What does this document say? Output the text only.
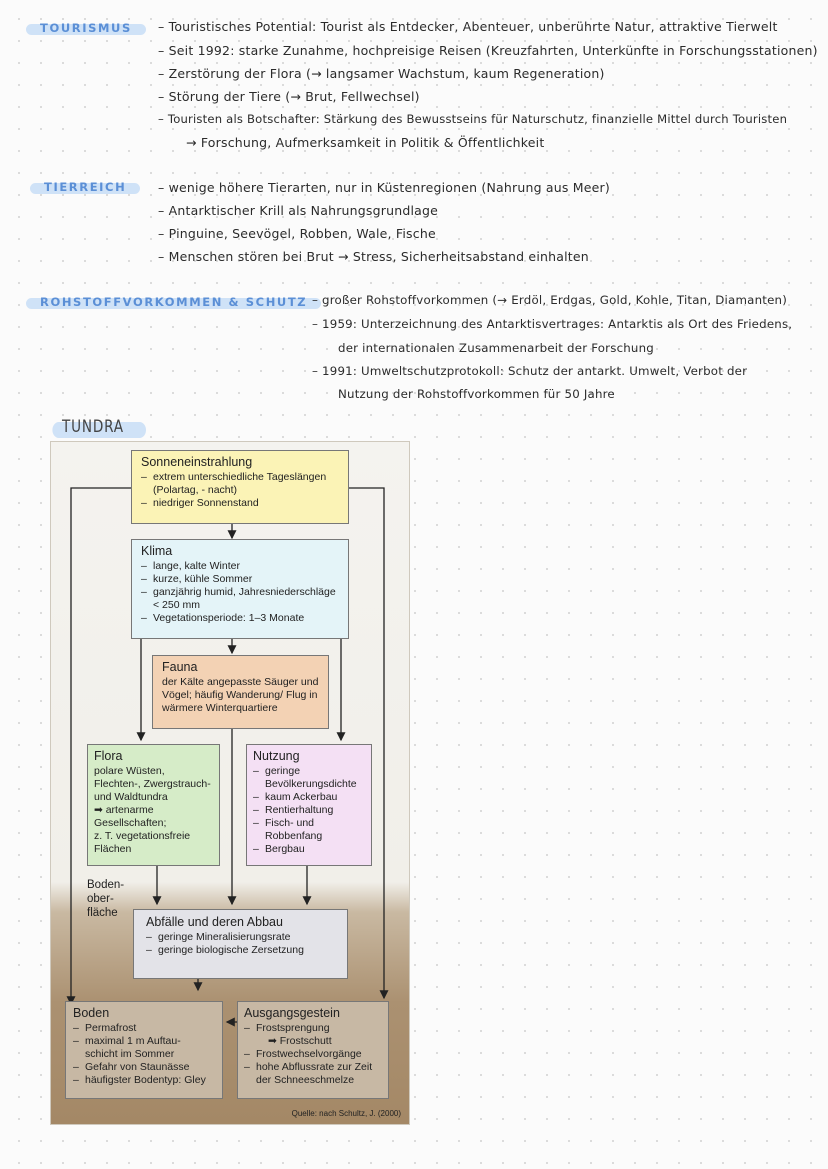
TOURISMUS – Touristisches Potential: Tourist als Entdecker, Abenteuer, unberührte Natur, attraktive Tierwelt
– Seit 1992: starke Zunahme, hochpreisige Reisen (Kreuzfahrten, Unterkünfte in Forschungsstationen)
– Zerstörung der Flora (→ langsamer Wachstum, kaum Regeneration)
– Störung der Tiere (→ Brut, Fellwechsel)
– Touristen als Botschafter: Stärkung des Bewusstseins für Naturschutz, finanzielle Mittel durch Touristen
→ Forschung, Aufmerksamkeit in Politik & Öffentlichkeit
TIERREICH	– wenige höhere Tierarten, nur in Küstenregionen (Nahrung aus Meer)
– Antarktischer Krill als Nahrungsgrundlage
– Pinguine, Seevögel, Robben, Wale, Fische
– Menschen stören bei Brut → Stress, Sicherheitsabstand einhalten
ROHSTOFFVORKOMMEN & SCHUTZ – großer Rohstoffvorkommen (→ Erdöl, Erdgas, Gold, Kohle, Titan, Diamanten)
– 1959: Unterzeichnung des Antarktisvertrages: Antarktis als Ort des Friedens,
der internationalen Zusammenarbeit der Forschung
– 1991: Umweltschutzprotokoll: Schutz der antarkt. Umwelt, Verbot der
Nutzung der Rohstoffvorkommen für 50 Jahre
TUNDRA
Sonneneinstrahlung
– extrem unterschiedliche Tageslängen (Polartag, - nacht)
– niedriger Sonnenstand
Klima
– lange, kalte Winter
– kurze, kühle Sommer
– ganzjährig humid, Jahresniederschläge < 250 mm
– Vegetationsperiode: 1–3 Monate
Fauna

der Kälte angepasste Säuger und Vögel; häufig Wanderung/ Flug in wärmere Winterquartiere

Flora

polare Wüsten, Flechten-, Zwergstrauch- und Waldtundra

➡ artenarme Gesellschaften;

z. T. vegetationsfreie Flächen

Nutzung
– geringe Bevölkerungsdichte
– kaum Ackerbau
– Rentierhaltung
– Fisch- und Robbenfang
– Bergbau
Boden- ober- fläche
Abfälle und deren Abbau
– geringe Mineralisierungsrate
– geringe biologische Zersetzung
Boden
– Permafrost
– maximal 1 m Auftau- schicht im Sommer
– Gefahr von Staunässe
– häufigster Bodentyp: Gley
Ausgangsgestein
– Frostsprengung

➡ Frostschutt

– Frostwechselvorgänge
– hohe Abflussrate zur Zeit der Schneeschmelze
Quelle: nach Schultz, J. (2000)
